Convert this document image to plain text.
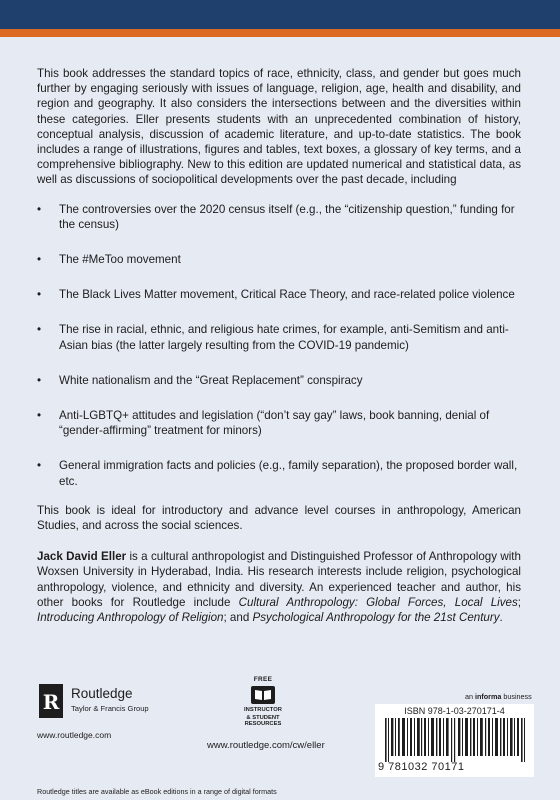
This book addresses the standard topics of race, ethnicity, class, and gender but goes much further by engaging seriously with issues of language, religion, age, health and disability, and region and geography. It also considers the intersections between and the diversities within these categories. Eller presents students with an unprecedented combination of history, conceptual analysis, discussion of academic literature, and up-to-date statistics. The book includes a range of illustrations, figures and tables, text boxes, a glossary of key terms, and a comprehensive bibliography. New to this edition are updated numerical and statistical data, as well as discussions of sociopolitical developments over the past decade, including

• The controversies over the 2020 census itself (e.g., the “citizenship question,” funding for the census)
• The #MeToo movement
• The Black Lives Matter movement, Critical Race Theory, and race-related police violence
• The rise in racial, ethnic, and religious hate crimes, for example, anti-Semitism and anti-Asian bias (the latter largely resulting from the COVID-19 pandemic)
• White nationalism and the “Great Replacement” conspiracy
• Anti-LGBTQ+ attitudes and legislation (“don’t say gay” laws, book banning, denial of “gender-affirming” treatment for minors)
• General immigration facts and policies (e.g., family separation), the proposed border wall, etc.

This book is ideal for introductory and advance level courses in anthropology, American Studies, and across the social sciences.

Jack David Eller is a cultural anthropologist and Distinguished Professor of Anthropology with Woxsen University in Hyderabad, India. His research interests include religion, psychological anthropology, violence, and ethnicity and diversity. An experienced teacher and author, his other books for Routledge include Cultural Anthropology: Global Forces, Local Lives; Introducing Anthropology of Religion; and Psychological Anthropology for the 21st Century.

R Routledge
Taylor & Francis Group
www.routledge.com
FREE
INSTRUCTOR
& STUDENT RESOURCES
www.routledge.com/cw/eller
an informa business
ISBN 978-1-03-270171-4
9 781032 70171
Routledge titles are available as eBook editions in a range of digital formats
